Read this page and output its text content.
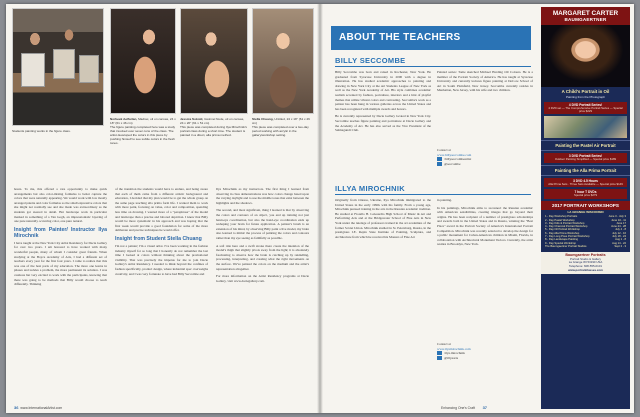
Students painting works in the figure class.
Norbeek Aelfarlan, Madrac, oil on canvas, 24 x 18" (61 x 46 cm)
The figure painting completed here was a study that involved over seven tons of the class. The artist developed the colors in this piece by pushing himself to see subtle colors in the flesh tones.
Jessica Sokold, Gwinnel Nude, oil on canvas, 24 x 20" (61 x 51 cm)
This piece was completed during Ilya Mirochnik's portrait class during a short time. The student is painted in a direct, alla prima method.
Stella Chuang, Untitled, 24 x 18" (61 x 46 cm)
This piece was completed over a two-day period working with acrylic in the gallery/workshop setting.

hours. To me, this offered a rare opportunity to make quick arrangements but also color-mixing formulas to better capture the colors that were naturally appearing. We would work with low mostly arranged palette and color formulas so the small expressive colors that she might not normally see and she made was extraordinary as the students got steered in detail. Her landscape work in particular marked in something of a Van Gogh, an impressionistic layering of one pure naturally occurring color, one pure natural.

Insight from Painter/ Instructor Ilya Mirochnik

I have taught at the New York City Artist Residency for Dacie Gallery for over two years. I am honored to have worked with many wonderful people, many of whom I consider great friends. When studying at the Boyce Academy of Arts, I had a different set of teachers every year for the first four years. I came to realize that this was one of the best parts of my education. The more one learns in phases and tackles a problem, the more permanent its solution. I was cautious but very excited to work with the participants, knowing that there was going to be methods that Billy would choose to teach differently. Thinking

of the transition the students would have to endure, and being aware that each of them came from a different artistic background and education, I decided that my plan would be to get the whole group on the same page teaching alla prima form life. I wanted them to work with more paint, focusing on value, color and composition, spending less time on drawing. I wanted more of a "paraphrase" of the model and landscape than a precise and labored depiction. I knew that Billy would be more systematic in his approach and was hoping that the first week would provide a good foundation for some of the more deliberate and precise techniques he would offer.

Insight from Student Stella Chuang

I'm not a painter; I'm a visual artist. I've been working in the fashion industry myself for so long that I honestly do not remember the last time I looked at colors without thinking about the promotional visibility. That was precisely the impetus for me to join Dacie Gallery's Artist Residency. I needed to think beyond the confines of fashion specifically, product design, where industrial spec overweighs creativity, and I was very fortunate to have had Billy Seccombe and

Ilya Mirochnik as my instructors. The first thing I learned from observing in class demonstrations was how colors change based upon the varying daylight and to use the middle tones that exist between the highlights and the shadows.

The second, and most significant, thing I learned is that by observing the colors and contours of an object, you end up training not just hand-eye coordination, but also the hand-eye coordination ends up reshaping your brain for future application. A painter's brush is an extension of his mind, by observing Billy paint a live model, my brain also learned to mimic the process of painting the colors and contours rather than my eye seeing as faithfully as possible.

A soft ride here and a swift stroke there create the intention of the model's thigh that slightly pivots away from the light; it is absolutely fascinating to observe how the brain is catching up by rekindling, processing, interpreting, and creating what the right movements on the surface. We've painted the colors on the medium and the artist's representation altogether.

For more information on the Artist Residency programs at Dacie Gallery, visit www.daciegallery.com.

36 www.InternationalArtist.com
ABOUT THE TEACHERS
BILLY SECCOMBE

Billy Seccombe was born and raised in Rochester, New York. He graduated from Syracuse University in 2000 with a degree in illustration. He has studied academic approaches to painting and drawing in New York City at the Art Students League of New York as well as the New York Academy of Art. His style combines academic realism accented by fashion, portraiture, interiors and a hint of playful themes that utilize vibrant colors and contrasting. Seccombe's work as a painter has been hung in various galleries across the United States and has been recognized with multiple awards and honors.

He is currently represented by Dacie Gallery located in New York City. Seccombe teaches figure painting and portraiture at Dacie Gallery and the Academy of Art. He has also served as the Vice President of the Salmagundi Club.

Painted series: Tome sketched Michael Harding Oil Colours. He is a member of the Portrait Society of America. He has taught at Syracuse University and currently lectures figure painting at DeCore School of Art in South Plainfield, New Jersey. Seccombe currently resides in Manhattan, New Jersey, with his wife and two children.

Contact at
www.billyseccombe.com
/billyseccombeartist
@seccombe
ILLYA MIROCHNIK

Originally from Odessa, Ukraine, Ilya Mirochnik immigrated to the United States in the early 1990s with his family. From a young age, Mirochnik pursued training in the arts in the Russian academic tradition. He studied at Fiorello H. LaGuardia High School of Music & Art and Performing Arts and at the Bridgewater School of Fine Arts in New York under the tutelage of professors trained in the art academies of the former Soviet Union. Mirochnik studied in St. Petersburg, Russia, in the prestigious I.E. Repin State Institute of Painting, Sculpture, and Architecture from which he received his Masters of Fine Art

in painting.

In his paintings, Mirochnik aims to reconnect the Russian academic with American sensibilities, creating images that go beyond their origins. He has been recipient of a number of prestigious scholarships and awards both in the United States and in Russia, winning the "Best Place" award in the Portrait Society of America's International Portrait Competition. Mirochnik was recently selected to develop the design for a public monument for Cuban-American children in Miami, Florida, in collaboration with Architectural Monument Vectors. Currently, the artist resides in Brooklyn, New York.

Contact at
www.ilyamirochnik.com
/ilya.mirochnik
@illyaarts
Enhancing One's Craft 37
MARGARET CARTER
BAUMGAERTNER
A Child's Portrait in Oil
Painting from the Photograph
4 DVD Portrait Series!
4 DVD set — The Comprehensive Portrait Series — Special price $229
Painting the Pastel Air Portrait
3 DVD Portrait Series!
Outdoor Painting Simplified — Special price $189
Painting the Alla Prima Portrait
3 DVD 4.5 Hours
Alla Prima Sets · Three Sets Available — Special price $149
7 hour T DVDs
Special price $279
2017 PORTRAIT WORKSHOPS
LA GRANGE WISCONSIN
1 - Day Workshop Portraits	June 3 - July 3
2 - Day Pastel Workshop	June 10 - 11
3 - Day Kids & Portrait Workshop	June 17
4 - Day Charcoal Portrait Workshop	June 24 - 28
5 - Day Oil Portrait Workshop	July 4 - 8
6 - Day Alla Prima Workshop	July 12 - 16
7 - Day Long Pose Portrait Workshop	July 18 - 24
8 - Day Landscape Painting	Aug 1 - 8
9 - Day Special Workshop	Aug 14 - 22
The Baumgaertner Portrait Studios	Sept 2 - 3
Baumgaertner Portraits
Portrait Studio & Gallery
La Grange WI 53190 USA
Telephone: 608-555-0101
www.portraitclasses.com
